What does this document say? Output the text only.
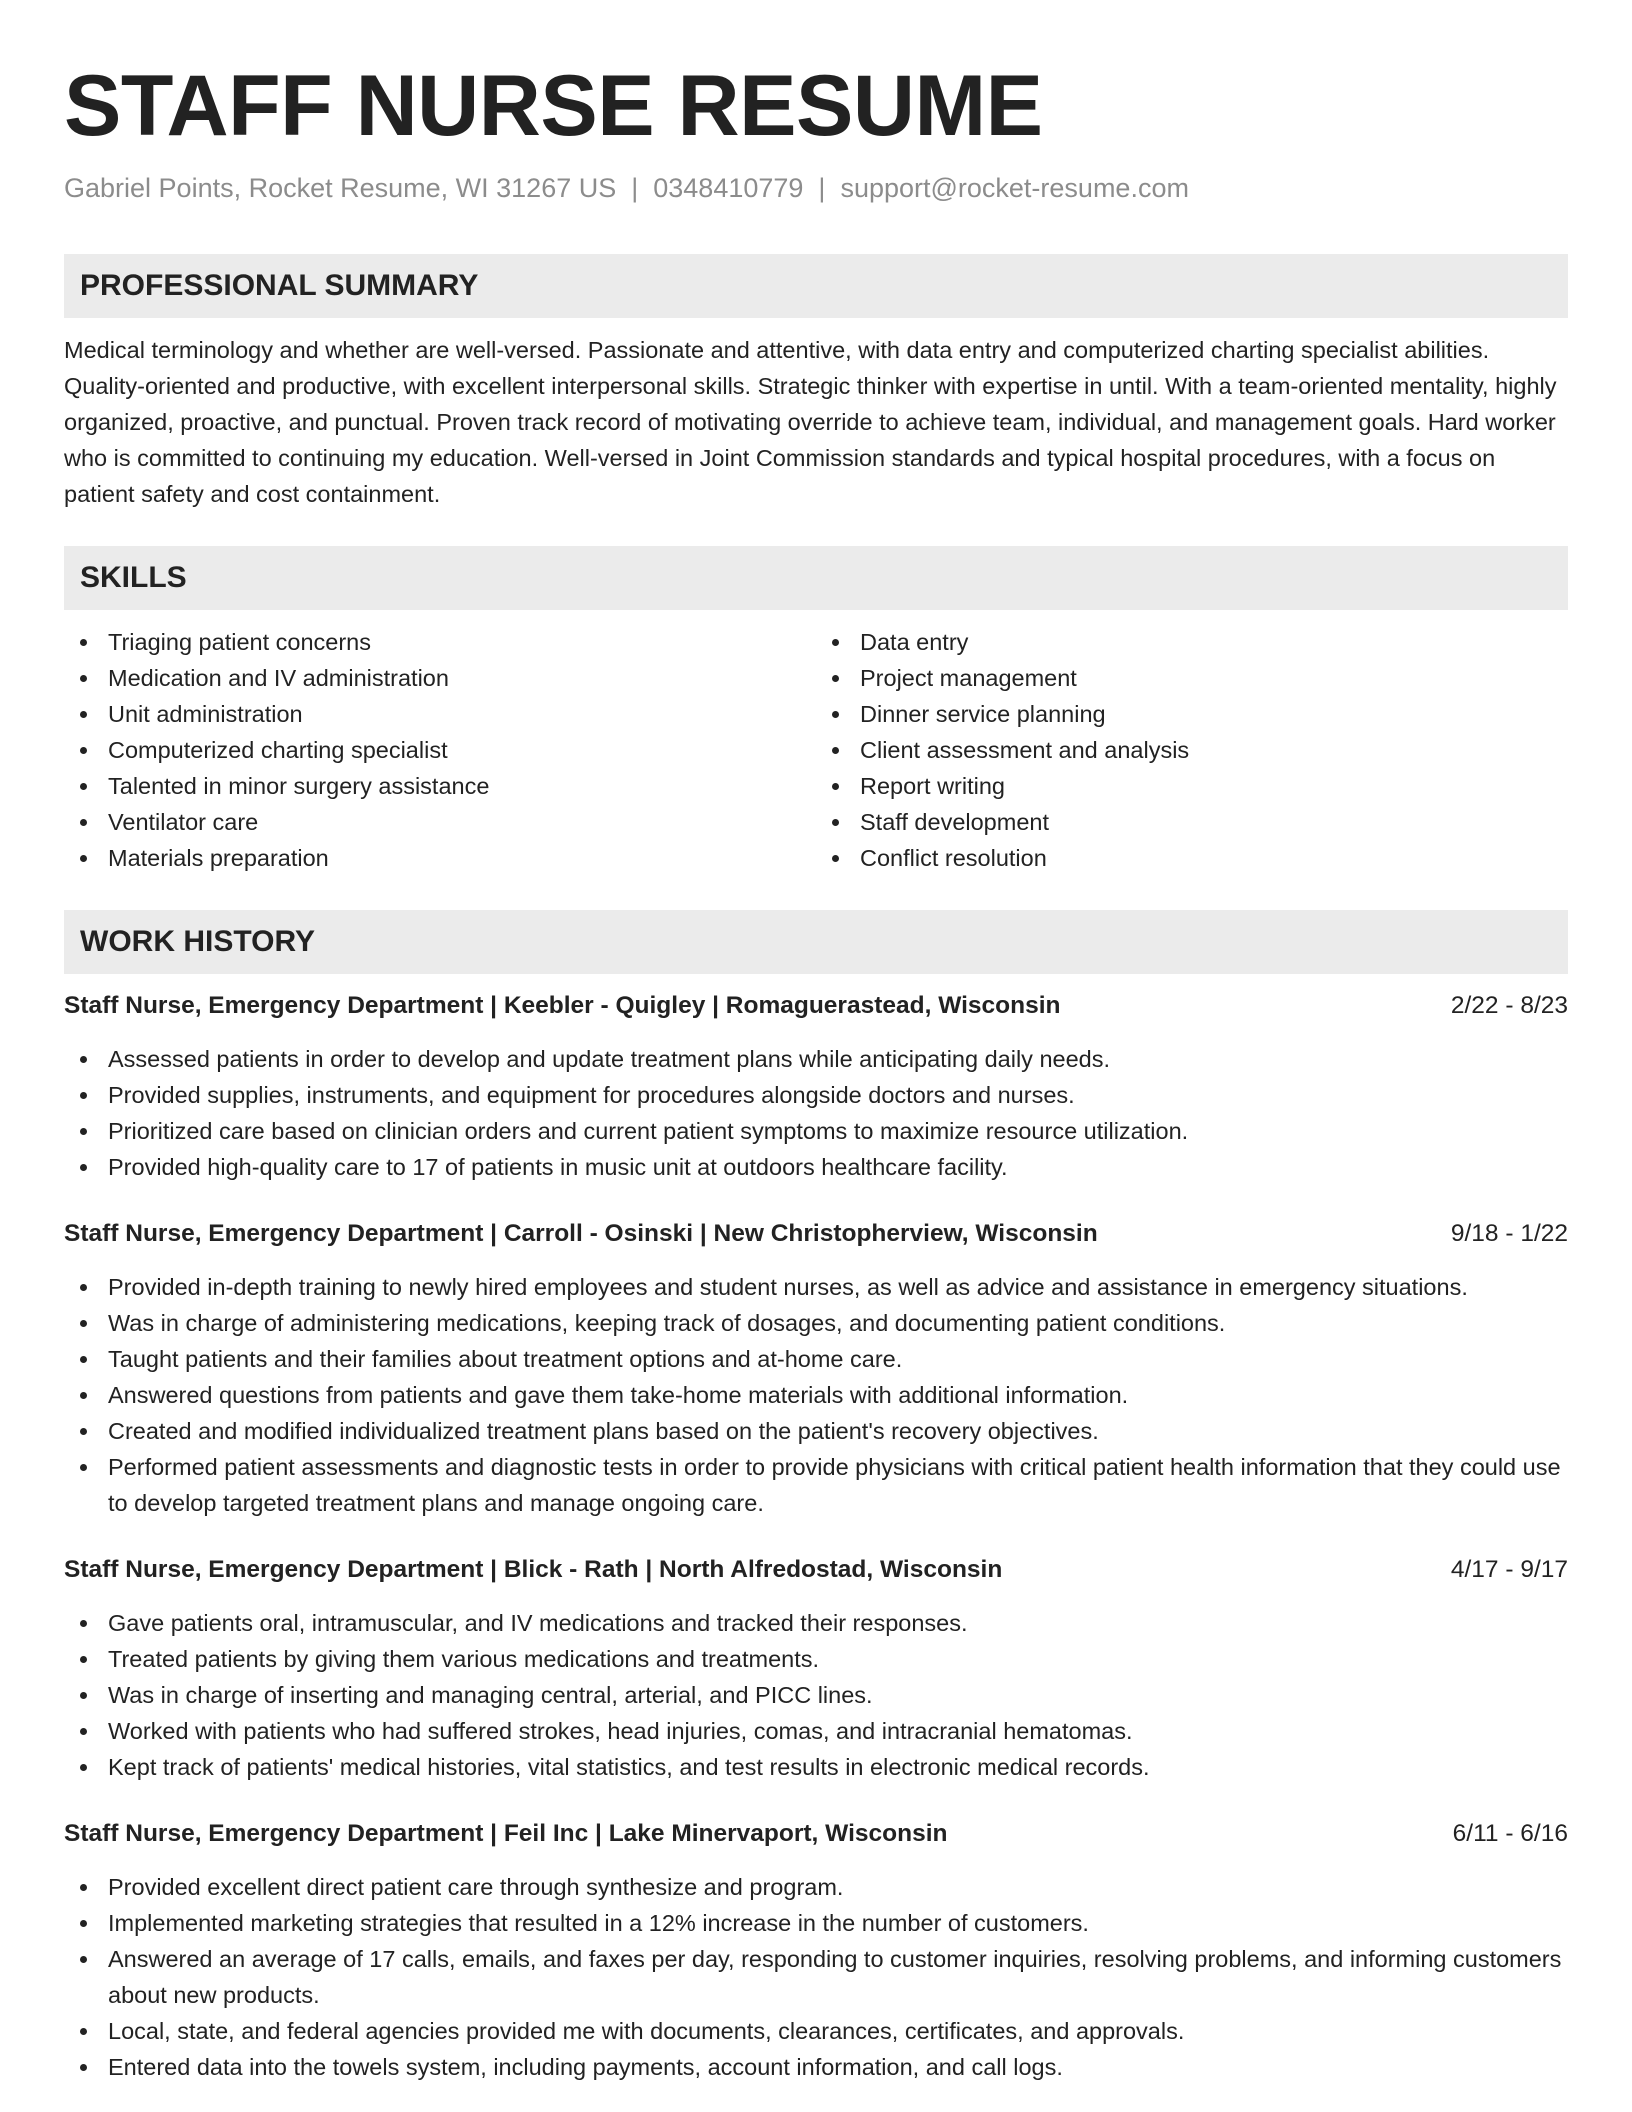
STAFF NURSE RESUME
Gabriel Points, Rocket Resume, WI 31267 US | 0348410779 | support@rocket-resume.com
PROFESSIONAL SUMMARY

Medical terminology and whether are well-versed. Passionate and attentive, with data entry and computerized charting specialist abilities. Quality-oriented and productive, with excellent interpersonal skills. Strategic thinker with expertise in until. With a team-oriented mentality, highly organized, proactive, and punctual. Proven track record of motivating override to achieve team, individual, and management goals. Hard worker who is committed to continuing my education. Well-versed in Joint Commission standards and typical hospital procedures, with a focus on patient safety and cost containment.

SKILLS
Triaging patient concerns
Medication and IV administration
Unit administration
Computerized charting specialist
Talented in minor surgery assistance
Ventilator care
Materials preparation
Data entry
Project management
Dinner service planning
Client assessment and analysis
Report writing
Staff development
Conflict resolution
WORK HISTORY
Staff Nurse, Emergency Department | Keebler - Quigley | Romaguerastead, Wisconsin	2/22 - 8/23
Assessed patients in order to develop and update treatment plans while anticipating daily needs.
Provided supplies, instruments, and equipment for procedures alongside doctors and nurses.
Prioritized care based on clinician orders and current patient symptoms to maximize resource utilization.
Provided high-quality care to 17 of patients in music unit at outdoors healthcare facility.
Staff Nurse, Emergency Department | Carroll - Osinski | New Christopherview, Wisconsin	9/18 - 1/22
Provided in-depth training to newly hired employees and student nurses, as well as advice and assistance in emergency situations.
Was in charge of administering medications, keeping track of dosages, and documenting patient conditions.
Taught patients and their families about treatment options and at-home care.
Answered questions from patients and gave them take-home materials with additional information.
Created and modified individualized treatment plans based on the patient's recovery objectives.
Performed patient assessments and diagnostic tests in order to provide physicians with critical patient health information that they could use to develop targeted treatment plans and manage ongoing care.
Staff Nurse, Emergency Department | Blick - Rath | North Alfredostad, Wisconsin	4/17 - 9/17
Gave patients oral, intramuscular, and IV medications and tracked their responses.
Treated patients by giving them various medications and treatments.
Was in charge of inserting and managing central, arterial, and PICC lines.
Worked with patients who had suffered strokes, head injuries, comas, and intracranial hematomas.
Kept track of patients' medical histories, vital statistics, and test results in electronic medical records.
Staff Nurse, Emergency Department | Feil Inc | Lake Minervaport, Wisconsin	6/11 - 6/16
Provided excellent direct patient care through synthesize and program.
Implemented marketing strategies that resulted in a 12% increase in the number of customers.
Answered an average of 17 calls, emails, and faxes per day, responding to customer inquiries, resolving problems, and informing customers about new products.
Local, state, and federal agencies provided me with documents, clearances, certificates, and approvals.
Entered data into the towels system, including payments, account information, and call logs.
